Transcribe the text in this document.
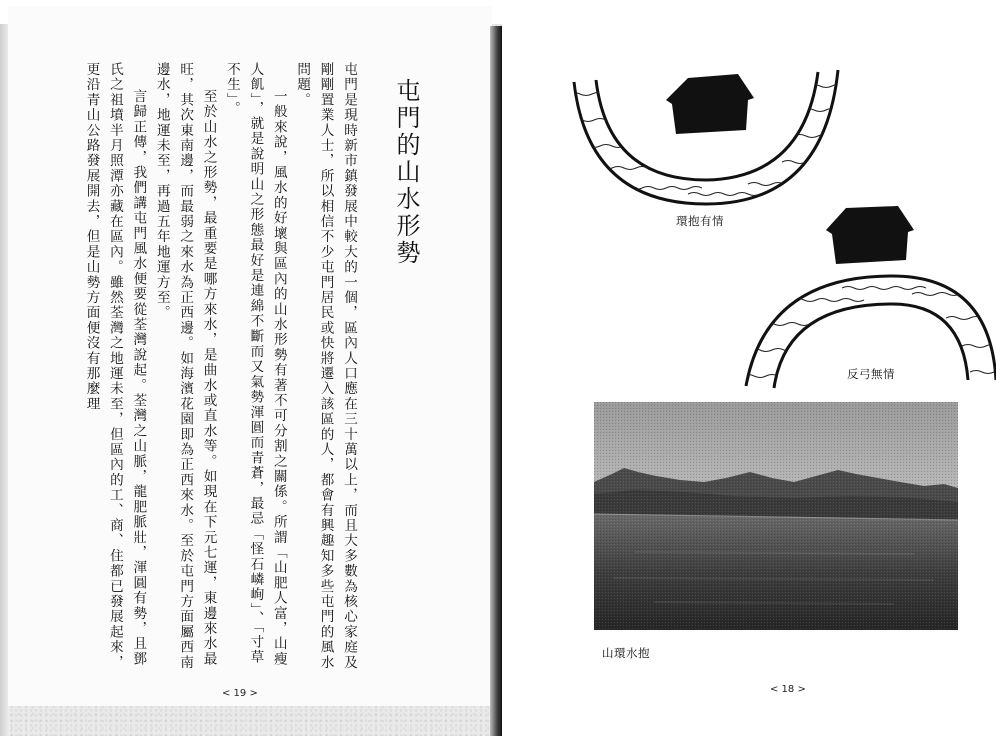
屯門的山水形勢

屯門是現時新市鎮發展中較大的一個，區內人口應在三十萬以上，而且大多數為核心家庭及剛剛置業人士，所以相信不少屯門居民或快將遷入該區的人，都會有興趣知多些屯門的風水問題。

一般來說，風水的好壞與區內的山水形勢有著不可分割之關係。所謂「山肥人富，山瘦人飢」，就是說明山之形態最好是連綿不斷而又氣勢渾圓而青蒼，最忌「怪石嶙峋」、「寸草不生」。

至於山水之形勢，最重要是哪方來水，是曲水或直水等。如現在下元七運，東邊來水最旺，其次東南邊，而最弱之來水為正西邊。如海濱花園即為正西來水。至於屯門方面屬西南邊水，地運未至，再過五年地運方至。

言歸正傳，我們講屯門風水便要從荃灣說起。荃灣之山脈，龍肥脈壯，渾圓有勢，且鄧氏之祖墳半月照潭亦藏在區內。雖然荃灣之地運未至，但區內的工、商、住都已發展起來，更沿青山公路發展開去，但是山勢方面便沒有那麼理

< 19 >
環抱有情
反弓無情
山環水抱
< 18 >
